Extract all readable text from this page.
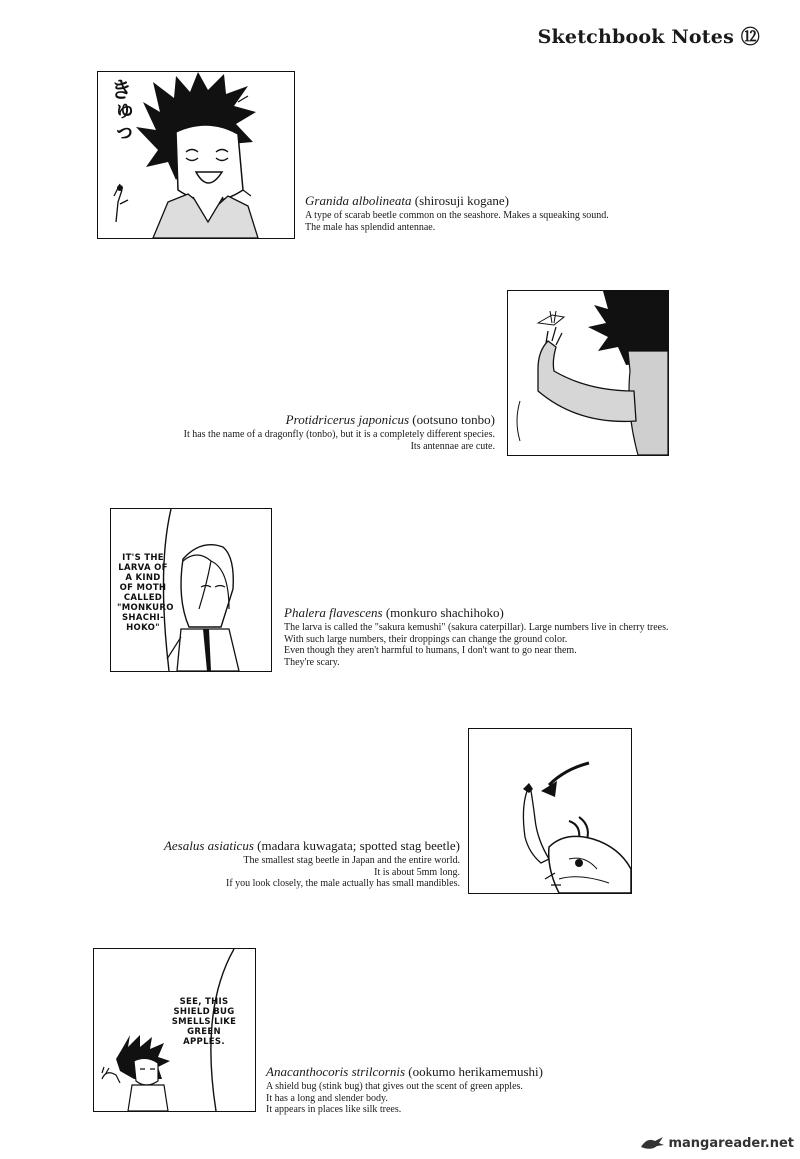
Sketchbook Notes ⑫
きゅっ
Granida albolineata (shirosuji kogane)

A type of scarab beetle common on the seashore. Makes a squeaking sound.

The male has splendid antennae.

Protidricerus japonicus (ootsuno tonbo)

It has the name of a dragonfly (tonbo), but it is a completely different species.

Its antennae are cute.

IT'S THE
LARVA OF
A KIND
OF MOTH
CALLED
"MONKURO
SHACHI-
HOKO"
Phalera flavescens (monkuro shachihoko)

The larva is called the "sakura kemushi" (sakura caterpillar). Large numbers live in cherry trees.

With such large numbers, their droppings can change the ground color.

Even though they aren't harmful to humans, I don't want to go near them.

They're scary.

Aesalus asiaticus (madara kuwagata; spotted stag beetle)

The smallest stag beetle in Japan and the entire world.

It is about 5mm long.

If you look closely, the male actually has small mandibles.

SEE, THIS
SHIELD BUG
SMELLS LIKE
GREEN
APPLES.
Anacanthocoris strilcornis (ookumo herikamemushi)

A shield bug (stink bug) that gives out the scent of green apples.

It has a long and slender body.

It appears in places like silk trees.

mangareader.net
